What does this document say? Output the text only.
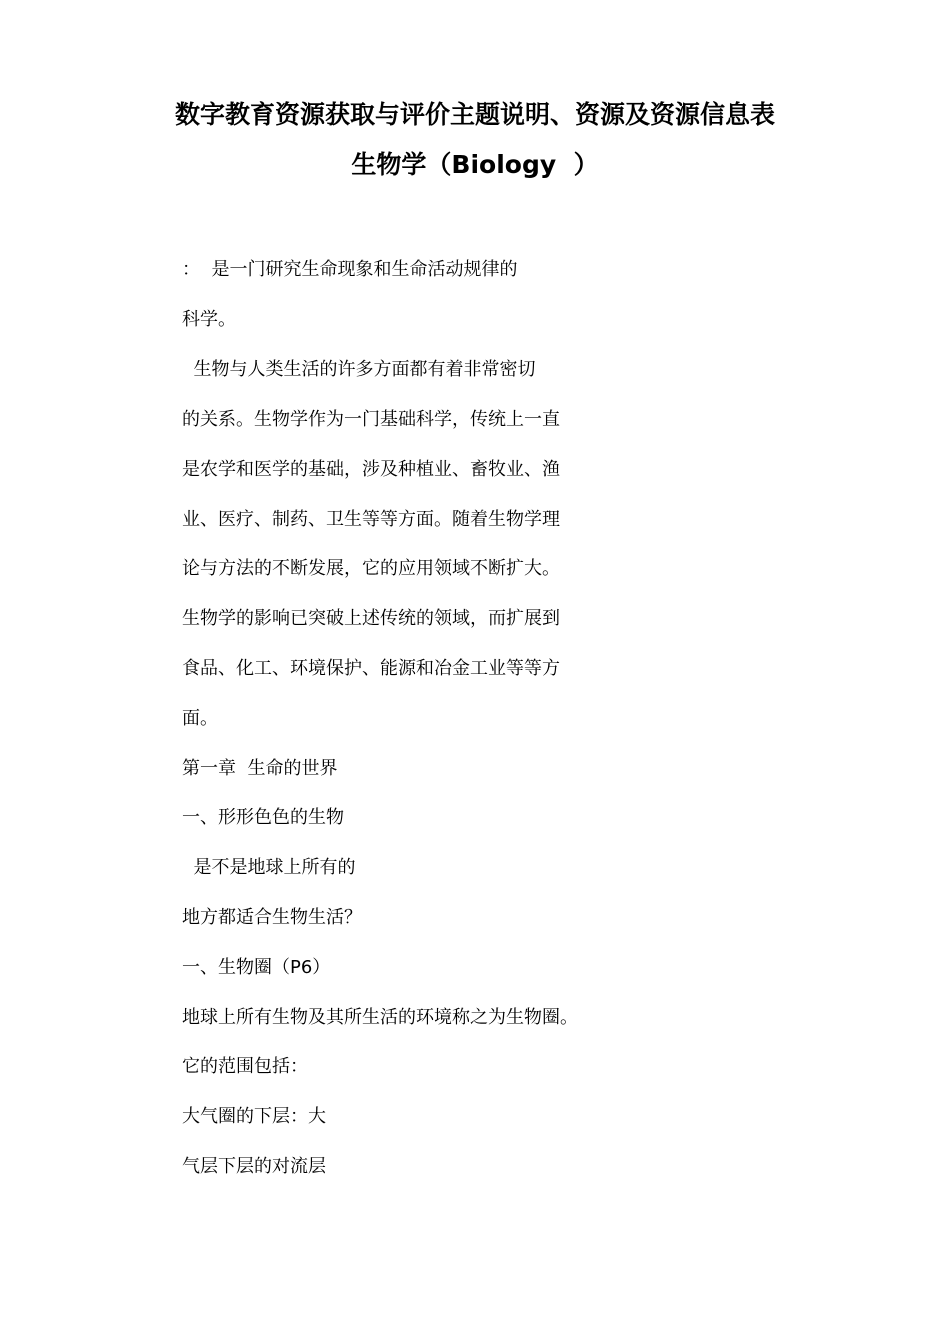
数字教育资源获取与评价主题说明、资源及资源信息表
生物学（Biology  ）
：  是一门研究生命现象和生命活动规律的
科学。
生物与人类生活的许多方面都有着非常密切
的关系。生物学作为一门基础科学，传统上一直
是农学和医学的基础，涉及种植业、畜牧业、渔
业、医疗、制药、卫生等等方面。随着生物学理
论与方法的不断发展，它的应用领域不断扩大。
生物学的影响已突破上述传统的领域，而扩展到
食品、化工、环境保护、能源和冶金工业等等方
面。
第一章  生命的世界
一、形形色色的生物
是不是地球上所有的
地方都适合生物生活？
一、生物圈（P6）
地球上所有生物及其所生活的环境称之为生物圈。
它的范围包括：
大气圈的下层：大
气层下层的对流层
